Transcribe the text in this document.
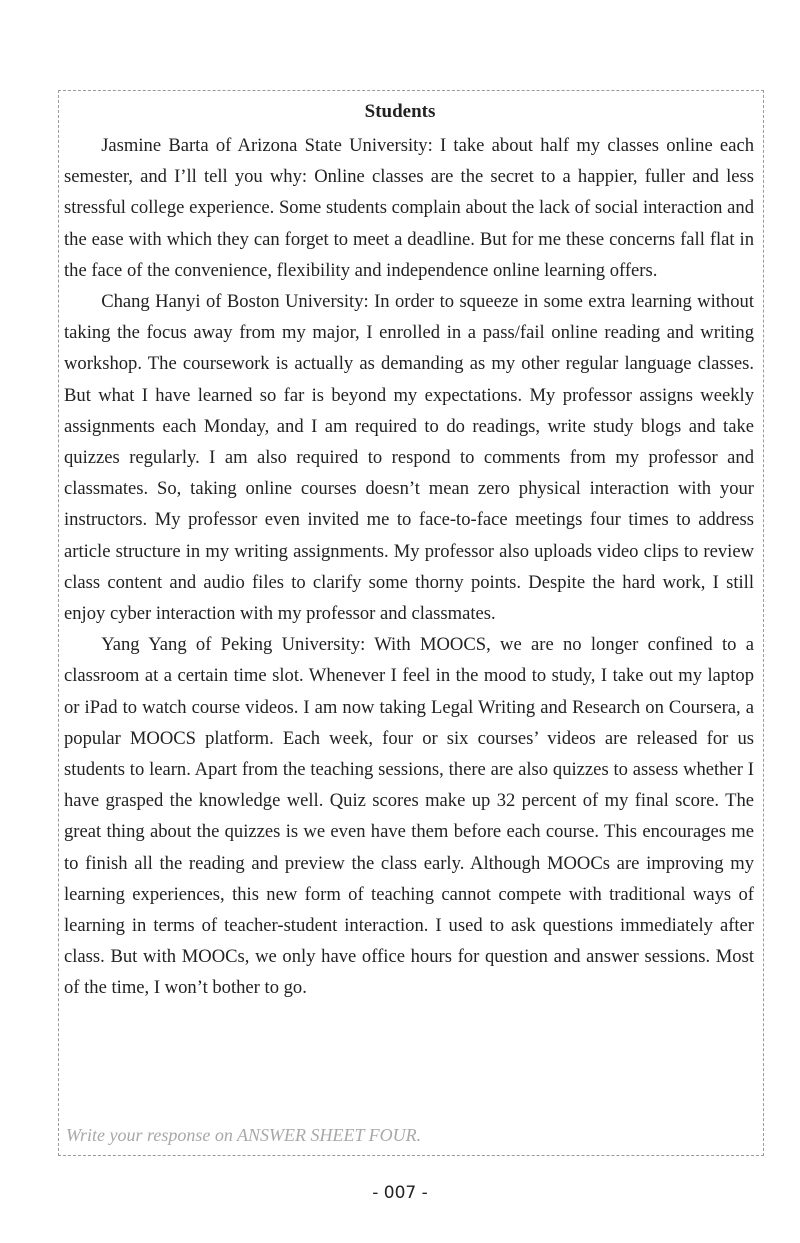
Students

Jasmine Barta of Arizona State University: I take about half my classes online each semester, and I’ll tell you why: Online classes are the secret to a happier, fuller and less stressful college experience. Some students complain about the lack of social interaction and the ease with which they can forget to meet a deadline. But for me these concerns fall flat in the face of the convenience, flexibility and independence online learning offers.

Chang Hanyi of Boston University: In order to squeeze in some extra learning without taking the focus away from my major, I enrolled in a pass/fail online reading and writing workshop. The coursework is actually as demanding as my other regular language classes. But what I have learned so far is beyond my expectations. My professor assigns weekly assignments each Monday, and I am required to do readings, write study blogs and take quizzes regularly. I am also required to respond to comments from my professor and classmates. So, taking online courses doesn’t mean zero physical interaction with your instructors. My professor even invited me to face-to-face meetings four times to address article structure in my writing assignments. My professor also uploads video clips to review class content and audio files to clarify some thorny points. Despite the hard work, I still enjoy cyber interaction with my professor and classmates.

Yang Yang of Peking University: With MOOCS, we are no longer confined to a classroom at a certain time slot. Whenever I feel in the mood to study, I take out my laptop or iPad to watch course videos. I am now taking Legal Writing and Research on Coursera, a popular MOOCS platform. Each week, four or six courses’ videos are released for us students to learn. Apart from the teaching sessions, there are also quizzes to assess whether I have grasped the knowledge well. Quiz scores make up 32 percent of my final score. The great thing about the quizzes is we even have them before each course. This encourages me to finish all the reading and preview the class early. Although MOOCs are improving my learning experiences, this new form of teaching cannot compete with traditional ways of learning in terms of teacher-student interaction. I used to ask questions immediately after class. But with MOOCs, we only have office hours for question and answer sessions. Most of the time, I won’t bother to go.

Write your response on ANSWER SHEET FOUR.

- 007 -
